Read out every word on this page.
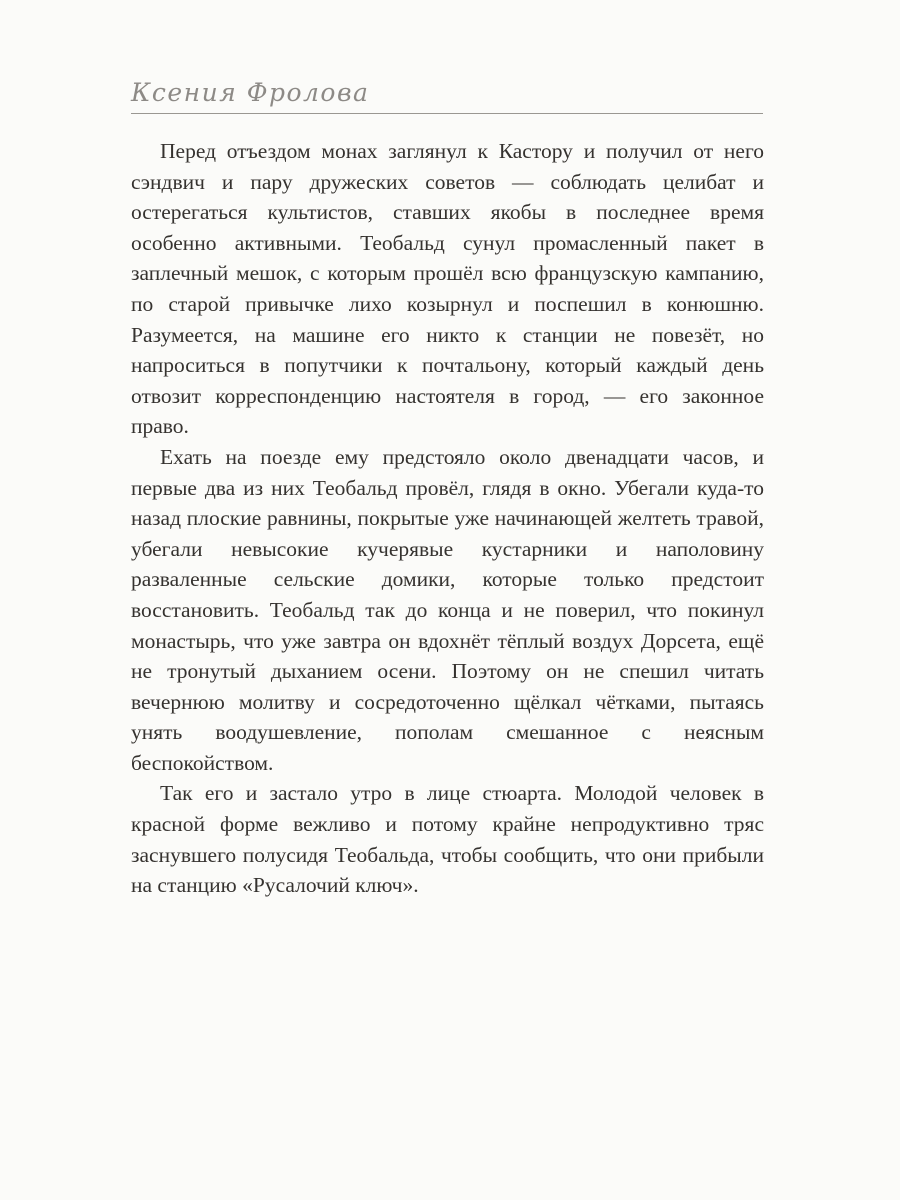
Ксения Фролова

Перед отъездом монах заглянул к Кастору и получил от него сэндвич и пару дружеских советов — соблюдать целибат и остерегаться культистов, ставших якобы в последнее время особенно активными. Теобальд сунул промасленный пакет в заплечный мешок, с которым прошёл всю французскую кампанию, по старой привычке лихо козырнул и поспешил в конюшню. Разумеется, на машине его никто к станции не повезёт, но напроситься в попутчики к почтальону, который каждый день отвозит корреспонденцию настоятеля в город, — его законное право.

Ехать на поезде ему предстояло около двенадцати часов, и первые два из них Теобальд провёл, глядя в окно. Убегали куда-то назад плоские равнины, покрытые уже начинающей желтеть травой, убегали невысокие кучерявые кустарники и наполовину разваленные сельские домики, которые только предстоит восстановить. Теобальд так до конца и не поверил, что покинул монастырь, что уже завтра он вдохнёт тёплый воздух Дорсета, ещё не тронутый дыханием осени. Поэтому он не спешил читать вечернюю молитву и сосредоточенно щёлкал чётками, пытаясь унять воодушевление, пополам смешанное с неясным беспокойством.

Так его и застало утро в лице стюарта. Молодой человек в красной форме вежливо и потому крайне непродуктивно тряс заснувшего полусидя Теобальда, чтобы сообщить, что они прибыли на станцию «Русалочий ключ».
